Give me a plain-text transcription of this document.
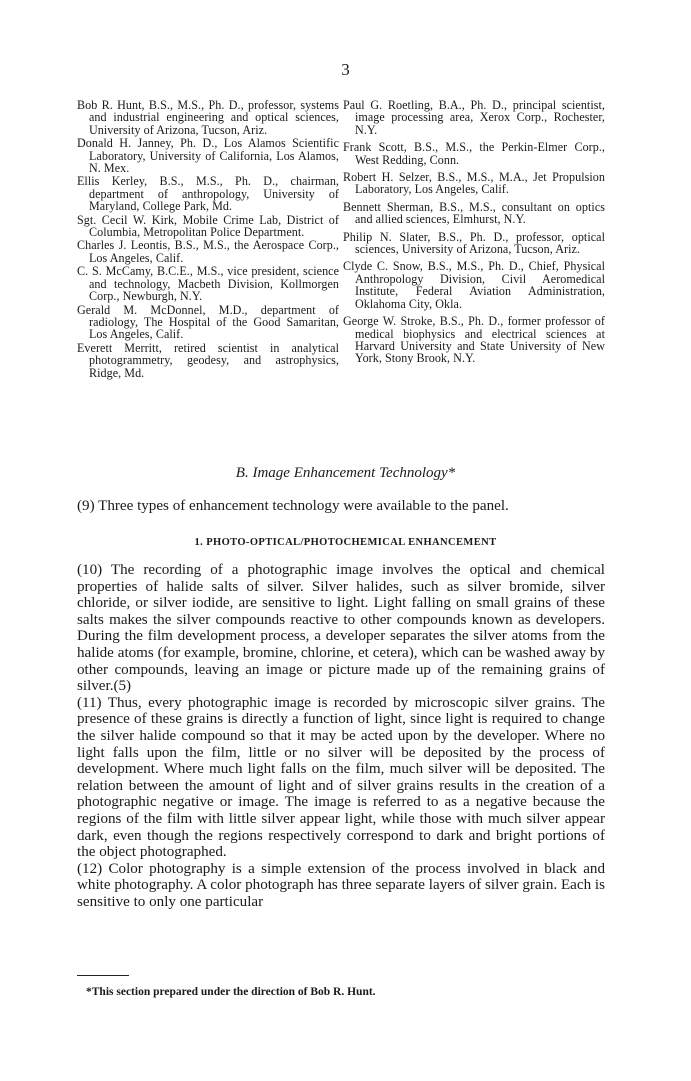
3

Bob R. Hunt, B.S., M.S., Ph. D., professor, systems and industrial engineering and optical sciences, University of Arizona, Tucson, Ariz.

Donald H. Janney, Ph. D., Los Alamos Scientific Laboratory, University of California, Los Alamos, N. Mex.

Ellis Kerley, B.S., M.S., Ph. D., chairman, department of anthropology, University of Maryland, College Park, Md.

Sgt. Cecil W. Kirk, Mobile Crime Lab, District of Columbia, Metropolitan Police Department.

Charles J. Leontis, B.S., M.S., the Aerospace Corp., Los Angeles, Calif.

C. S. McCamy, B.C.E., M.S., vice president, science and technology, Macbeth Division, Kollmorgen Corp., Newburgh, N.Y.

Gerald M. McDonnel, M.D., department of radiology, The Hospital of the Good Samaritan, Los Angeles, Calif.

Everett Merritt, retired scientist in analytical photogrammetry, geodesy, and astrophysics, Ridge, Md.

Paul G. Roetling, B.A., Ph. D., principal scientist, image processing area, Xerox Corp., Rochester, N.Y.

Frank Scott, B.S., M.S., the Perkin-Elmer Corp., West Redding, Conn.

Robert H. Selzer, B.S., M.S., M.A., Jet Propulsion Laboratory, Los Angeles, Calif.

Bennett Sherman, B.S., M.S., consultant on optics and allied sciences, Elmhurst, N.Y.

Philip N. Slater, B.S., Ph. D., professor, optical sciences, University of Arizona, Tucson, Ariz.

Clyde C. Snow, B.S., M.S., Ph. D., Chief, Physical Anthropology Division, Civil Aeromedical Institute, Federal Aviation Administration, Oklahoma City, Okla.

George W. Stroke, B.S., Ph. D., former professor of medical biophysics and electrical sciences at Harvard University and State University of New York, Stony Brook, N.Y.

B. Image Enhancement Technology*
(9) Three types of enhancement technology were available to the panel.
1. PHOTO-OPTICAL/PHOTOCHEMICAL ENHANCEMENT

(10) The recording of a photographic image involves the optical and chemical properties of halide salts of silver. Silver halides, such as silver bromide, silver chloride, or silver iodide, are sensitive to light. Light falling on small grains of these salts makes the silver compounds reactive to other compounds known as developers. During the film development process, a developer separates the silver atoms from the halide atoms (for example, bromine, chlorine, et cetera), which can be washed away by other compounds, leaving an image or picture made up of the remaining grains of silver.(5)

(11) Thus, every photographic image is recorded by microscopic silver grains. The presence of these grains is directly a function of light, since light is required to change the silver halide compound so that it may be acted upon by the developer. Where no light falls upon the film, little or no silver will be deposited by the process of development. Where much light falls on the film, much silver will be deposited. The relation between the amount of light and of silver grains results in the creation of a photographic negative or image. The image is referred to as a negative because the regions of the film with little silver appear light, while those with much silver appear dark, even though the regions respectively correspond to dark and bright portions of the object photographed.

(12) Color photography is a simple extension of the process involved in black and white photography. A color photograph has three separate layers of silver grain. Each is sensitive to only one particular

*This section prepared under the direction of Bob R. Hunt.
